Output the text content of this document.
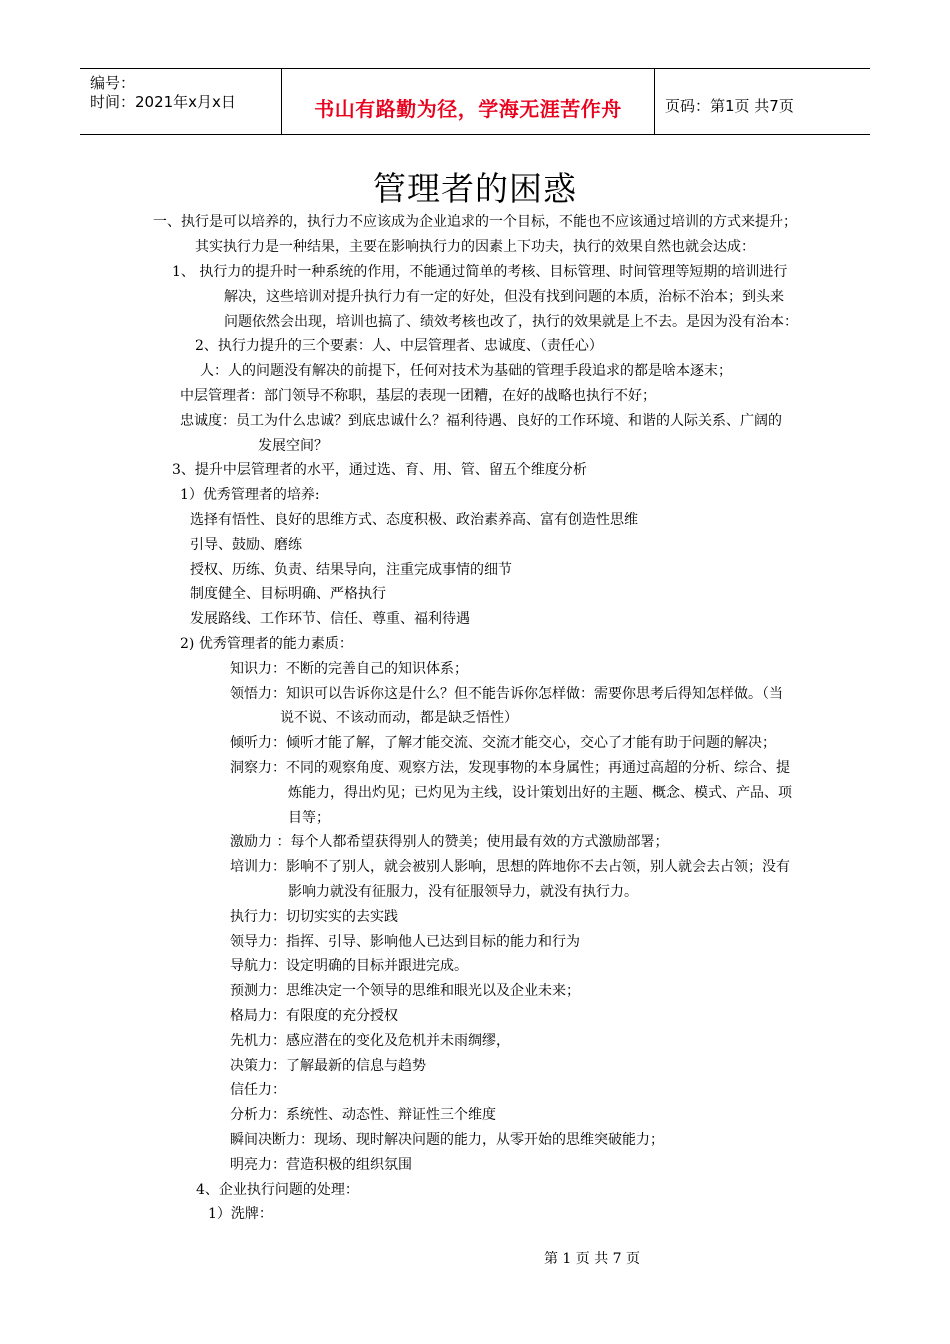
编号：
时间：2021年x月x日	书山有路勤为径，学海无涯苦作舟	页码：第1页 共7页
管理者的困惑
一、执行是可以培养的，执行力不应该成为企业追求的一个目标，不能也不应该通过培训的方式来提升；
其实执行力是一种结果，主要在影响执行力的因素上下功夫，执行的效果自然也就会达成：
1、 执行力的提升时一种系统的作用，不能通过简单的考核、目标管理、时间管理等短期的培训进行
解决，这些培训对提升执行力有一定的好处，但没有找到问题的本质，治标不治本；到头来
问题依然会出现，培训也搞了、绩效考核也改了，执行的效果就是上不去。是因为没有治本：
2、执行力提升的三个要素：人、中层管理者、忠诚度、（责任心）
人：人的问题没有解决的前提下，任何对技术为基础的管理手段追求的都是啥本逐末；
中层管理者：部门领导不称职，基层的表现一团糟，在好的战略也执行不好；
忠诚度：员工为什么忠诚？到底忠诚什么？福利待遇、良好的工作环境、和谐的人际关系、广阔的
发展空间？
3、提升中层管理者的水平，通过选、育、用、管、留五个维度分析
1）优秀管理者的培养:
选择有悟性、良好的思维方式、态度积极、政治素养高、富有创造性思维
引导、鼓励、磨练
授权、历练、负责、结果导向，注重完成事情的细节
制度健全、目标明确、严格执行
发展路线、工作环节、信任、尊重、福利待遇
2) 优秀管理者的能力素质：
知识力：不断的完善自己的知识体系；
领悟力：知识可以告诉你这是什么？但不能告诉你怎样做：需要你思考后得知怎样做。（当
说不说、不该动而动，都是缺乏悟性）
倾听力：倾听才能了解，了解才能交流、交流才能交心，交心了才能有助于问题的解决；
洞察力：不同的观察角度、观察方法，发现事物的本身属性；再通过高超的分析、综合、提
炼能力，得出灼见；已灼见为主线，设计策划出好的主题、概念、模式、产品、项
目等；
激励力 ：每个人都希望获得别人的赞美；使用最有效的方式激励部署；
培训力：影响不了别人，就会被别人影响，思想的阵地你不去占领，别人就会去占领；没有
影响力就没有征服力，没有征服领导力，就没有执行力。
执行力：切切实实的去实践
领导力：指挥、引导、影响他人已达到目标的能力和行为
导航力：设定明确的目标并跟进完成。
预测力：思维决定一个领导的思维和眼光以及企业未来；
格局力：有限度的充分授权
先机力：感应潜在的变化及危机并未雨绸缪，
决策力：了解最新的信息与趋势
信任力：
分析力：系统性、动态性、辩证性三个维度
瞬间决断力：现场、现时解决问题的能力，从零开始的思维突破能力；
明亮力：营造积极的组织氛围
4、企业执行问题的处理：
1）洗牌：
第 1 页 共 7 页
